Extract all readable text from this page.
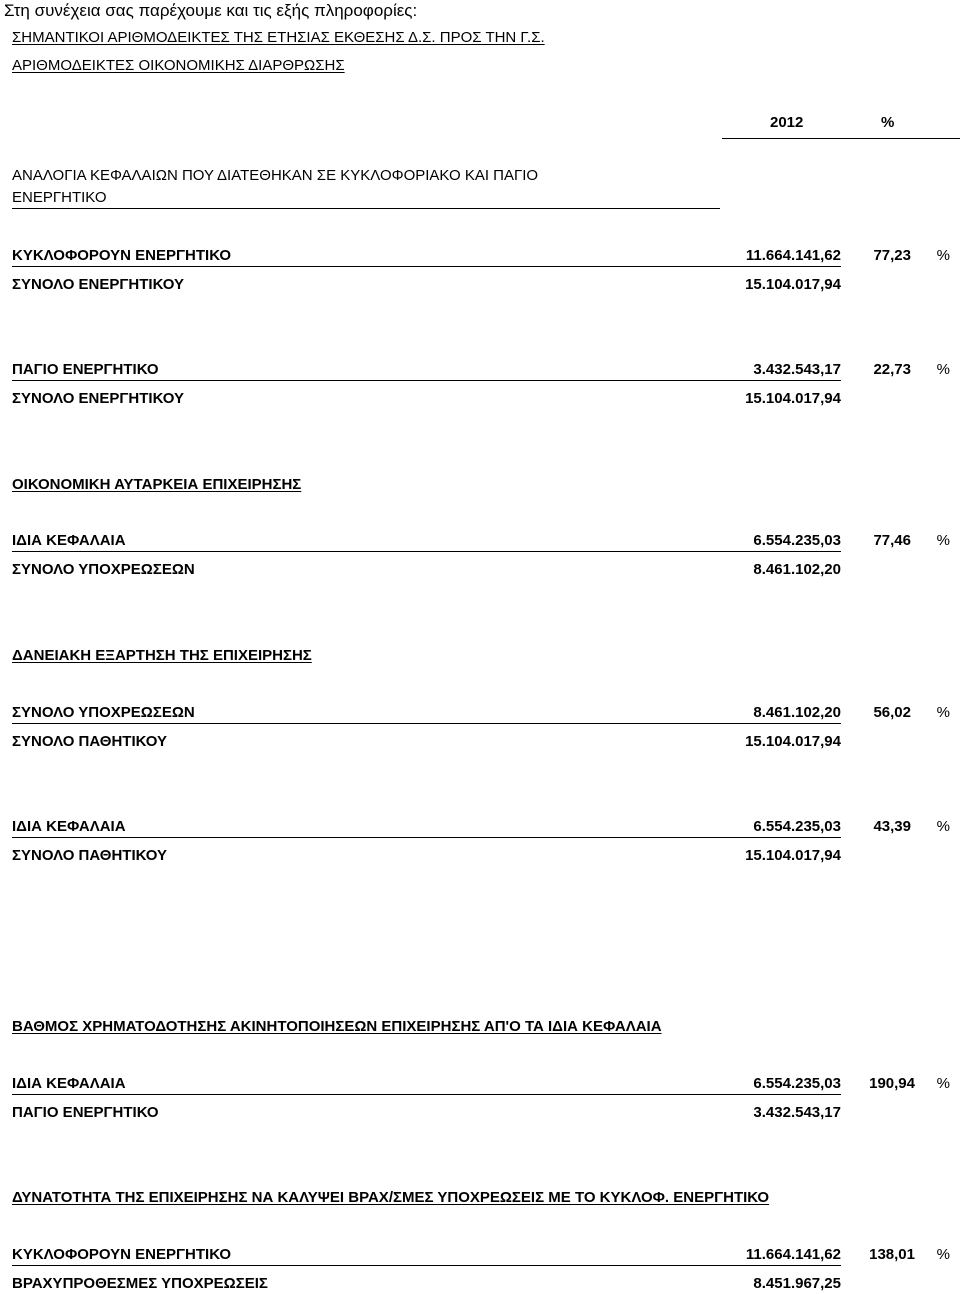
Στη συνέχεια σας παρέχουμε και τις εξής πληροφορίες:
ΣΗΜΑΝΤΙΚΟΙ ΑΡΙΘΜΟΔΕΙΚΤΕΣ ΤΗΣ ΕΤΗΣΙΑΣ ΕΚΘΕΣΗΣ Δ.Σ. ΠΡΟΣ ΤΗΝ Γ.Σ.
ΑΡΙΘΜΟΔΕΙΚΤΕΣ ΟΙΚΟΝΟΜΙΚΗΣ ΔΙΑΡΘΡΩΣΗΣ
2012	%
ΑΝΑΛΟΓΙΑ ΚΕΦΑΛΑΙΩΝ ΠΟΥ ΔΙΑΤΕΘΗΚΑΝ ΣΕ ΚΥΚΛΟΦΟΡΙΑΚΟ ΚΑΙ ΠΑΓΙΟ
ΕΝΕΡΓΗΤΙΚΟ
ΚΥΚΛΟΦΟΡΟΥΝ ΕΝΕΡΓΗΤΙΚΟ	11.664.141,62 77,23 %
ΣΥΝΟΛΟ ΕΝΕΡΓΗΤΙΚΟΥ	15.104.017,94
ΠΑΓΙΟ ΕΝΕΡΓΗΤΙΚΟ	3.432.543,17 22,73 %
ΣΥΝΟΛΟ ΕΝΕΡΓΗΤΙΚΟΥ	15.104.017,94
ΟΙΚΟΝΟΜΙΚΗ ΑΥΤΑΡΚΕΙΑ ΕΠΙΧΕΙΡΗΣΗΣ
ΙΔΙΑ ΚΕΦΑΛΑΙΑ	6.554.235,03 77,46 %
ΣΥΝΟΛΟ ΥΠΟΧΡΕΩΣΕΩΝ	8.461.102,20
ΔΑΝΕΙΑΚΗ ΕΞΑΡΤΗΣΗ ΤΗΣ ΕΠΙΧΕΙΡΗΣΗΣ
ΣΥΝΟΛΟ ΥΠΟΧΡΕΩΣΕΩΝ	8.461.102,20 56,02 %
ΣΥΝΟΛΟ ΠΑΘΗΤΙΚΟΥ	15.104.017,94
ΙΔΙΑ ΚΕΦΑΛΑΙΑ	6.554.235,03 43,39 %
ΣΥΝΟΛΟ ΠΑΘΗΤΙΚΟΥ	15.104.017,94
ΒΑΘΜΟΣ ΧΡΗΜΑΤΟΔΟΤΗΣΗΣ ΑΚΙΝΗΤΟΠΟΙΗΣΕΩΝ ΕΠΙΧΕΙΡΗΣΗΣ ΑΠ'Ο ΤΑ ΙΔΙΑ ΚΕΦΑΛΑΙΑ
ΙΔΙΑ ΚΕΦΑΛΑΙΑ	6.554.235,03 190,94 %
ΠΑΓΙΟ ΕΝΕΡΓΗΤΙΚΟ	3.432.543,17
ΔΥΝΑΤΟΤΗΤΑ ΤΗΣ ΕΠΙΧΕΙΡΗΣΗΣ ΝΑ ΚΑΛΥΨΕΙ ΒΡΑΧ/ΣΜΕΣ ΥΠΟΧΡΕΩΣΕΙΣ ΜΕ ΤΟ ΚΥΚΛΟΦ. ΕΝΕΡΓΗΤΙΚΟ
ΚΥΚΛΟΦΟΡΟΥΝ ΕΝΕΡΓΗΤΙΚΟ	11.664.141,62 138,01 %
ΒΡΑΧΥΠΡΟΘΕΣΜΕΣ ΥΠΟΧΡΕΩΣΕΙΣ	8.451.967,25
